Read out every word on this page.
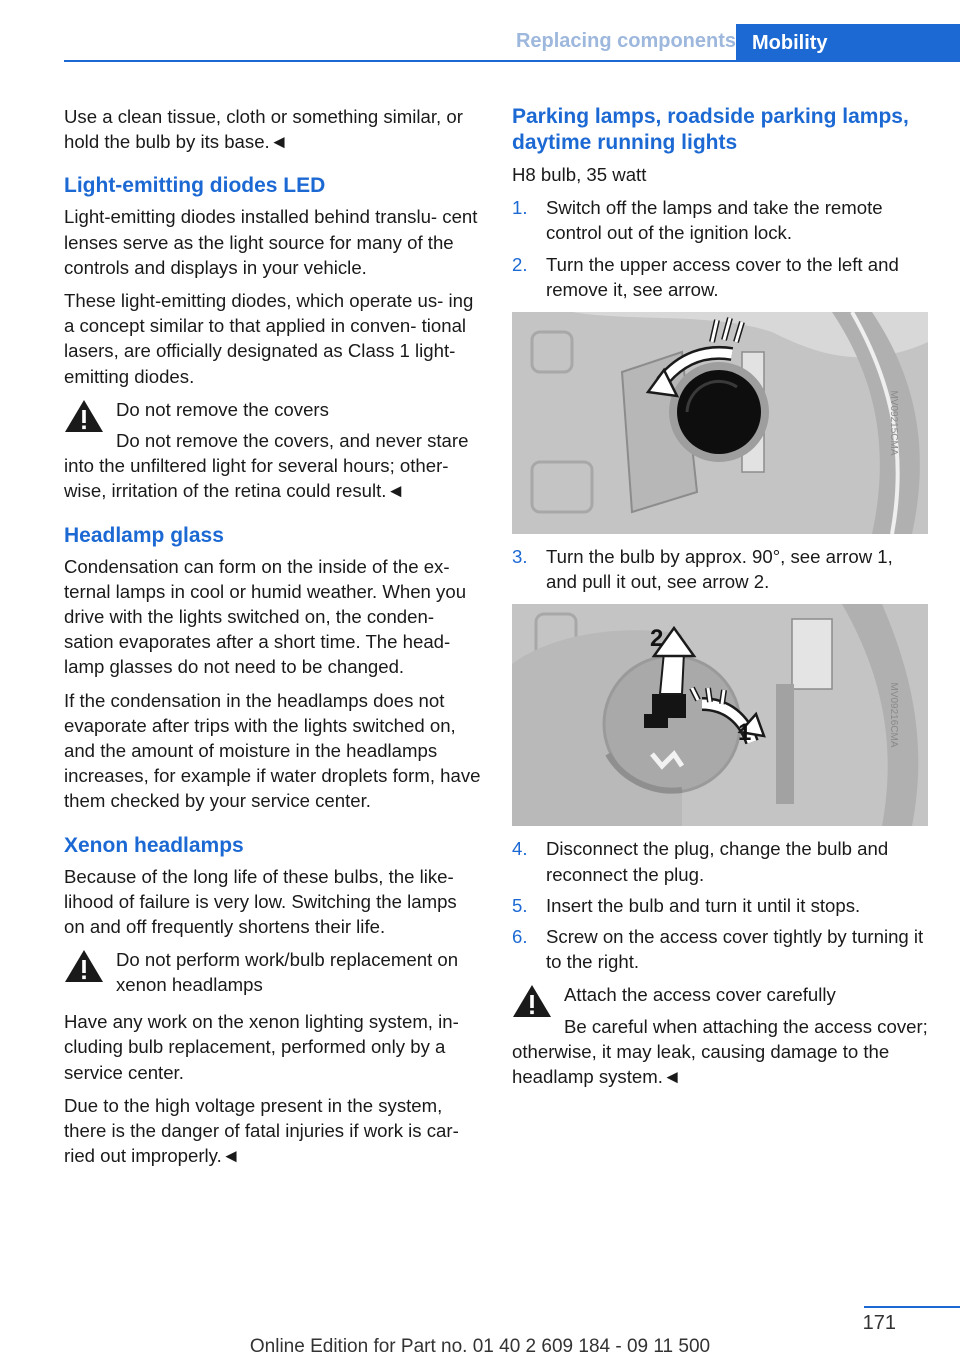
Replacing components Mobility

Use a clean tissue, cloth or something similar, or hold the bulb by its base.◄

Light-emitting diodes LED

Light-emitting diodes installed behind translu‐ cent lenses serve as the light source for many of the controls and displays in your vehicle.

These light-emitting diodes, which operate us‐ ing a concept similar to that applied in conven‐ tional lasers, are officially designated as Class 1 light-emitting diodes.

Do not remove the covers

Do not remove the covers, and never stare into the unfiltered light for several hours; other‐ wise, irritation of the retina could result.◄

Headlamp glass

Condensation can form on the inside of the ex‐ ternal lamps in cool or humid weather. When you drive with the lights switched on, the conden‐ sation evaporates after a short time. The head‐ lamp glasses do not need to be changed.

If the condensation in the headlamps does not evaporate after trips with the lights switched on, and the amount of moisture in the headlamps increases, for example if water droplets form, have them checked by your service center.

Xenon headlamps

Because of the long life of these bulbs, the like‐ lihood of failure is very low. Switching the lamps on and off frequently shortens their life.

Do not perform work/bulb replacement on xenon headlamps

Have any work on the xenon lighting system, in‐ cluding bulb replacement, performed only by a service center.

Due to the high voltage present in the system, there is the danger of fatal injuries if work is car‐ ried out improperly.◄

Parking lamps, roadside parking lamps, daytime running lights

H8 bulb, 35 watt

1. Switch off the lamps and take the remote control out of the ignition lock.
2. Turn the upper access cover to the left and remove it, see arrow.
MV09215CMA
3. Turn the bulb by approx. 90°, see arrow 1, and pull it out, see arrow 2.
2
1	MV09216CMA
4. Disconnect the plug, change the bulb and reconnect the plug.
5. Insert the bulb and turn it until it stops.
6. Screw on the access cover tightly by turning it to the right.

Attach the access cover carefully

Be careful when attaching the access cover; otherwise, it may leak, causing damage to the headlamp system.◄

171
Online Edition for Part no. 01 40 2 609 184 - 09 11 500
